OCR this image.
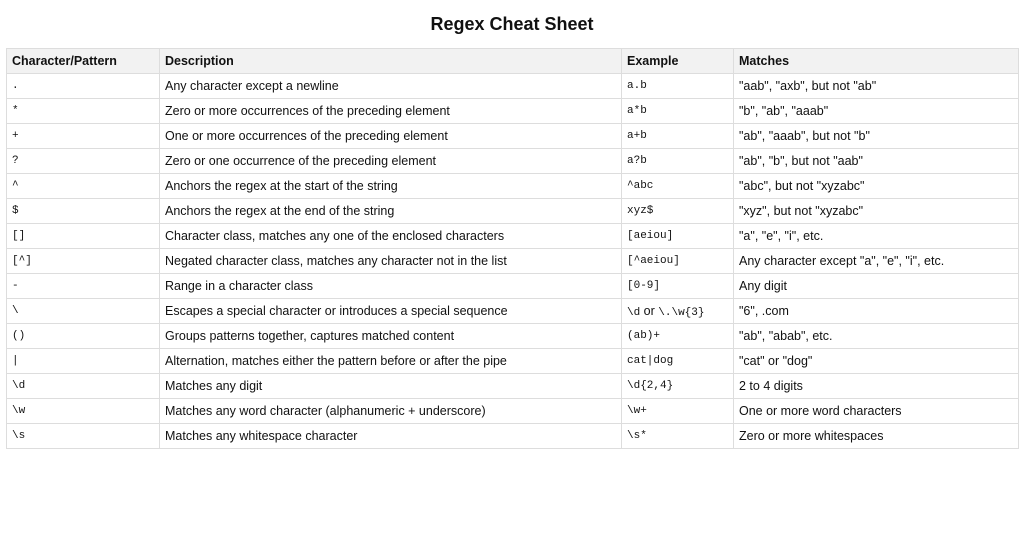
Regex Cheat Sheet
Character/Pattern	Description	Example	Matches
.	Any character except a newline	a.b	"aab", "axb", but not "ab"
*	Zero or more occurrences of the preceding element	a*b	"b", "ab", "aaab"
+	One or more occurrences of the preceding element	a+b	"ab", "aaab", but not "b"
?	Zero or one occurrence of the preceding element	a?b	"ab", "b", but not "aab"
^	Anchors the regex at the start of the string	^abc	"abc", but not "xyzabc"
$	Anchors the regex at the end of the string	xyz$	"xyz", but not "xyzabc"
[]	Character class, matches any one of the enclosed characters	[aeiou]	"a", "e", "i", etc.
[^]	Negated character class, matches any character not in the list	[^aeiou]	Any character except "a", "e", "i", etc.
-	Range in a character class	[0-9]	Any digit
\	Escapes a special character or introduces a special sequence	\d or \.\w{3}	"6", .com
()	Groups patterns together, captures matched content	(ab)+	"ab", "abab", etc.
|	Alternation, matches either the pattern before or after the pipe	cat|dog	"cat" or "dog"
\d	Matches any digit	\d{2,4}	2 to 4 digits
\w	Matches any word character (alphanumeric + underscore)	\w+	One or more word characters
\s	Matches any whitespace character	\s*	Zero or more whitespaces
